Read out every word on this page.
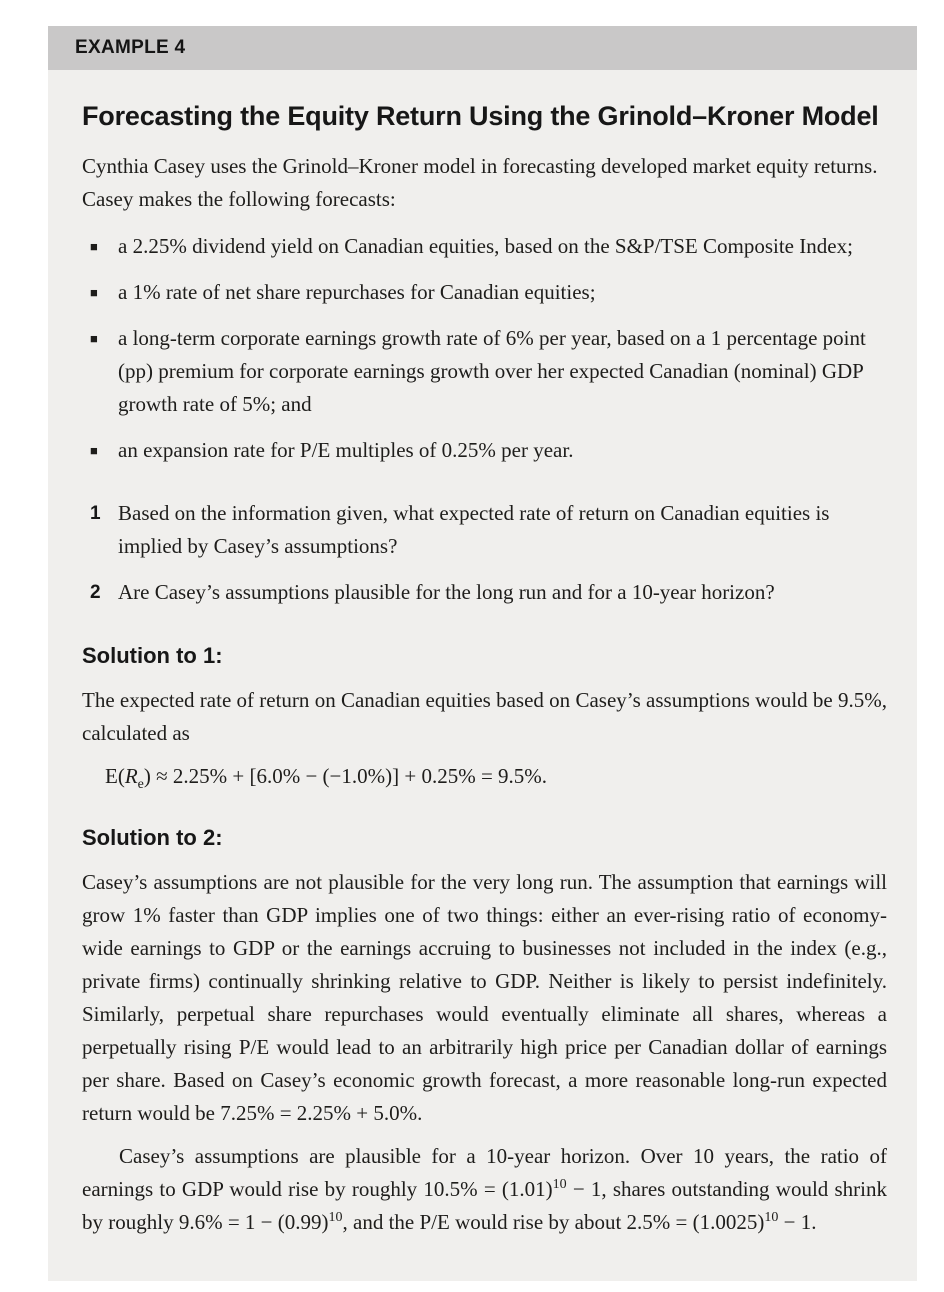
EXAMPLE 4
Forecasting the Equity Return Using the Grinold–Kroner Model

Cynthia Casey uses the Grinold–Kroner model in forecasting developed market equity returns. Casey makes the following forecasts:

■ a 2.25% dividend yield on Canadian equities, based on the S&P/TSE Composite Index;
■ a 1% rate of net share repurchases for Canadian equities;
■ a long-term corporate earnings growth rate of 6% per year, based on a 1 percentage point (pp) premium for corporate earnings growth over her expected Canadian (nominal) GDP growth rate of 5%; and
■ an expansion rate for P/E multiples of 0.25% per year.
1 Based on the information given, what expected rate of return on Canadian equities is implied by Casey’s assumptions?
2 Are Casey’s assumptions plausible for the long run and for a 10-year horizon?
Solution to 1:

The expected rate of return on Canadian equities based on Casey’s assumptions would be 9.5%, calculated as

$E(R_e) \approx 2.25\% + [6.0\% - (-1.0\%)] + 0.25\% = 9.5\%$.
Solution to 2:

Casey’s assumptions are not plausible for the very long run. The assumption that earnings will grow 1% faster than GDP implies one of two things: either an ever-rising ratio of economy-wide earnings to GDP or the earnings accruing to businesses not included in the index (e.g., private firms) continually shrinking relative to GDP. Neither is likely to persist indefinitely. Similarly, perpetual share repurchases would eventually eliminate all shares, whereas a perpetually rising P/E would lead to an arbitrarily high price per Canadian dollar of earnings per share. Based on Casey’s economic growth forecast, a more reasonable long-run expected return would be 7.25% = 2.25% + 5.0%.

Casey’s assumptions are plausible for a 10-year horizon. Over 10 years, the ratio of earnings to GDP would rise by roughly $10.5\% = (1.01)^{10} - 1$, shares outstanding would shrink by roughly $9.6\% = 1 - (0.99)^{10}$, and the P/E would rise by about $2.5\% = (1.0025)^{10} - 1$.
